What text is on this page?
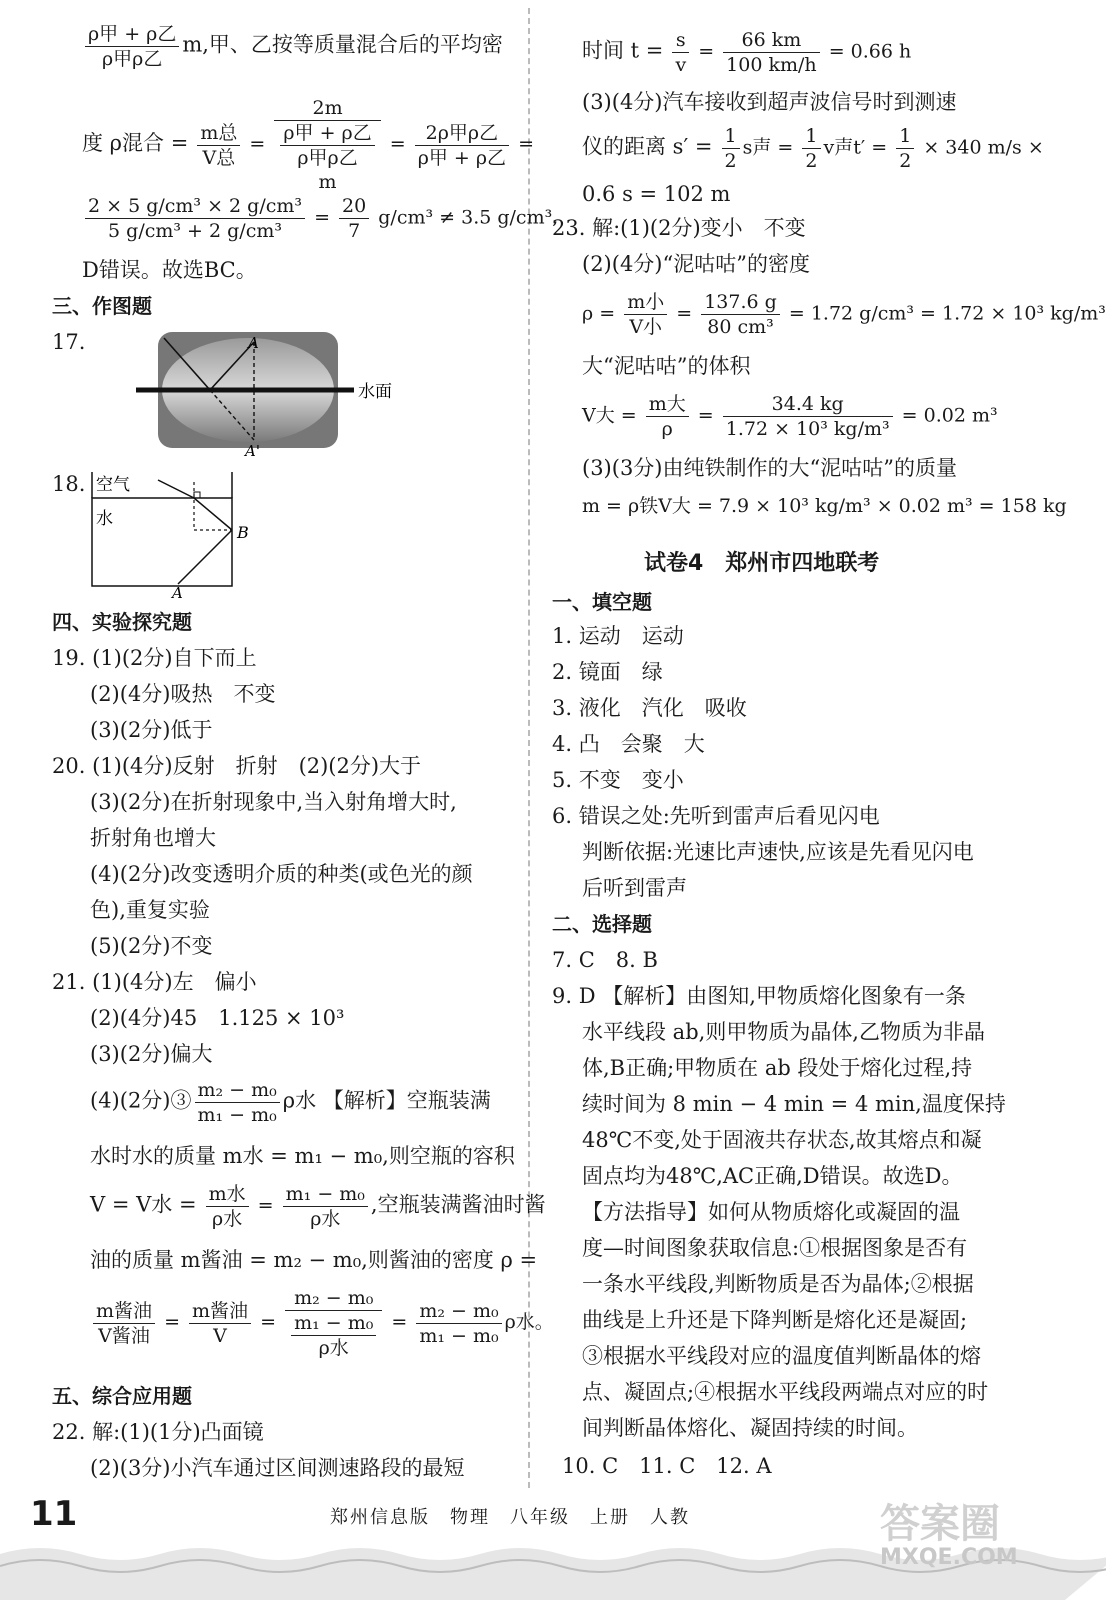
$\frac{\text{ρ甲 + ρ乙}}{\text{ρ甲ρ乙}} m$,甲、乙按等质量混合后的平均密
度 ρ混合 = $\frac{\text{m总}}{\text{V总}} = 2m$
ρ甲 + ρ乙
ρ甲ρ乙
$m = \frac{\text{2ρ甲ρ乙}}{\text{ρ甲 + ρ乙}}$ =
$\frac{\text{2 × 5 g/cm³ × 2 g/cm³}}{\text{5 g/cm³ + 2 g/cm³}} = \frac{20}{7} g/cm^3 \ne 3.5$ g/cm³,
D错误。故选BC。
三、作图题
17.	A
A'
水面
18. 空气
水
B
A
四、实验探究题
19. (1)(2分)自下而上
(2)(4分)吸热　不变
(3)(2分)低于
20. (1)(4分)反射　折射　(2)(2分)大于
(3)(2分)在折射现象中,当入射角增大时,
折射角也增大
(4)(2分)改变透明介质的种类(或色光的颜
色),重复实验
(5)(2分)不变
21. (1)(4分)左　偏小
(2)(4分)45　1.125 × 10³
(3)(2分)偏大
(4)(2分)③ $\frac{\text{m₂ − m₀}}{\text{m₁ − m₀}}$ ρ水 【解析】空瓶装满
水时水的质量 m水 = m₁ − m₀,则空瓶的容积
V = V水 = $\frac{\text{m水}}{\text{ρ水}} = \frac{\text{m₁ − m₀}}{\text{ρ水}}$ ,空瓶装满酱油时酱
油的质量 m酱油 = m₂ − m₀,则酱油的密度 ρ =
$\frac{\text{m酱油}}{\text{V酱油}} = \frac{\text{m酱油}}{V} = m_2 - m_0$
m₁ − m₀
ρ水 = $\frac{\text{m₂ − m₀}}{\text{m₁ − m₀}}$ ρ水。
五、综合应用题
22. 解:(1)(1分)凸面镜
(2)(3分)小汽车通过区间测速路段的最短
时间 $t = \frac{s}{v} = \frac{66 km}{100 km/h} = 0.66$ h
(3)(4分)汽车接收到超声波信号时到测速
仪的距离 $s' = \frac{1}{2}$ s声 = $\frac{1}{2}$ v声$t' = \frac{1}{2} \times 340$ m/s ×
0.6 s = 102 m
23. 解:(1)(2分)变小　不变
(2)(4分)“泥咕咕”的密度
$\rho = \frac{\text{m小}}{\text{V小}} = \frac{137.6 g}{\text{80 cm³}} = 1.72$ g/cm³ = 1.72 × 10³ kg/m³
大“泥咕咕”的体积
V大 = $\frac{\text{m大}}{\rho} = \frac{34.4 kg}{\text{1.72 × 10³ kg/m³}} = 0.02$ m³
(3)(3分)由纯铁制作的大“泥咕咕”的质量
m = ρ铁V大 = 7.9 × 10³ kg/m³ × 0.02 m³ = 158 kg
试卷4　郑州市四地联考
一、填空题
1. 运动　运动
2. 镜面　绿
3. 液化　汽化　吸收
4. 凸　会聚　大
5. 不变　变小
6. 错误之处:先听到雷声后看见闪电
判断依据:光速比声速快,应该是先看见闪电
后听到雷声
二、选择题
7. C　8. B
9. D 【解析】由图知,甲物质熔化图象有一条
水平线段 ab,则甲物质为晶体,乙物质为非晶
体,B正确;甲物质在 ab 段处于熔化过程,持
续时间为 8 min − 4 min = 4 min,温度保持
48℃不变,处于固液共存状态,故其熔点和凝
固点均为48℃,AC正确,D错误。故选D。
【方法指导】如何从物质熔化或凝固的温
度—时间图象获取信息:①根据图象是否有
一条水平线段,判断物质是否为晶体;②根据
曲线是上升还是下降判断是熔化还是凝固;
③根据水平线段对应的温度值判断晶体的熔
点、凝固点;④根据水平线段两端点对应的时
间判断晶体熔化、凝固持续的时间。
10. C　11. C　12. A
11	郑州信息版　物理　八年级　上册　人教	答案圈
MXQE.COM
